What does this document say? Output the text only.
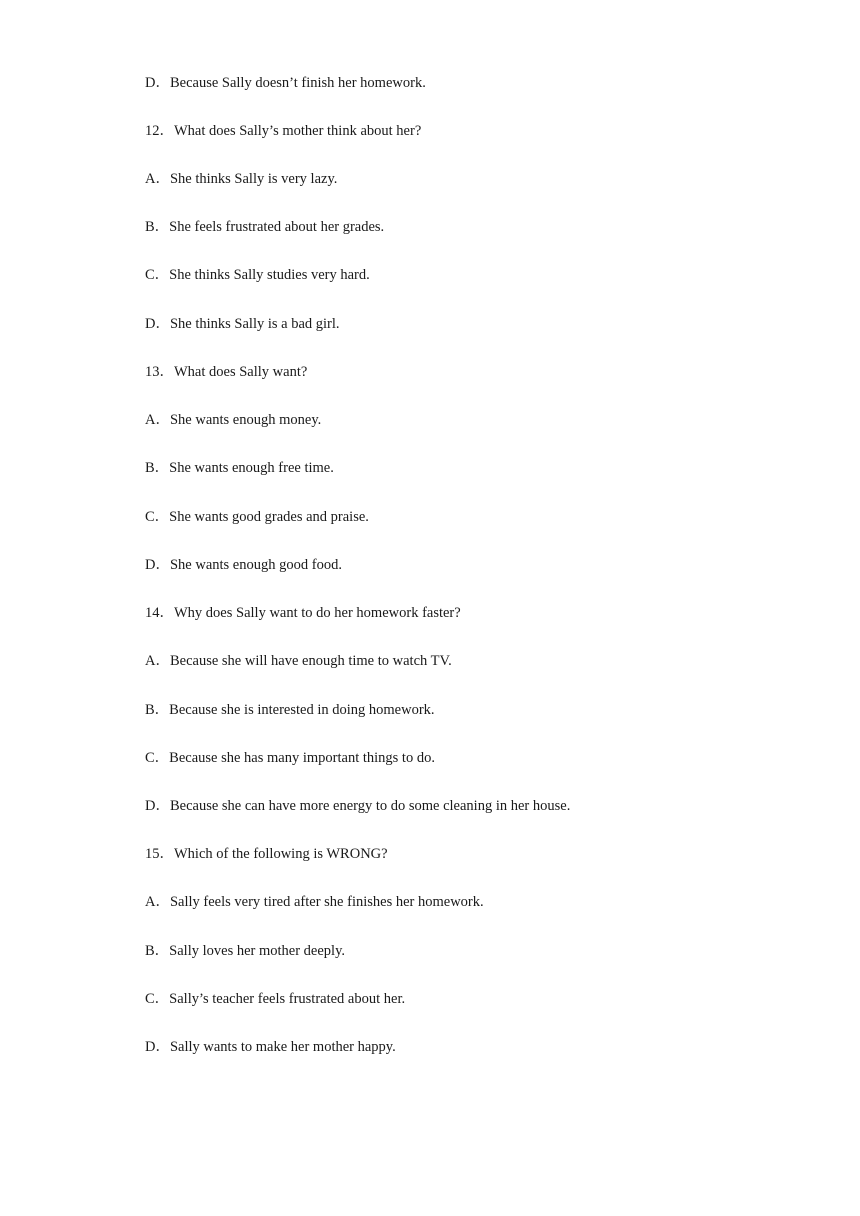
D．Because Sally doesn’t finish her homework.
12．What does Sally’s mother think about her?
A．She thinks Sally is very lazy.
B．She feels frustrated about her grades.
C．She thinks Sally studies very hard.
D．She thinks Sally is a bad girl.
13．What does Sally want?
A．She wants enough money.
B．She wants enough free time.
C．She wants good grades and praise.
D．She wants enough good food.
14．Why does Sally want to do her homework faster?
A．Because she will have enough time to watch TV.
B．Because she is interested in doing homework.
C．Because she has many important things to do.
D．Because she can have more energy to do some cleaning in her house.
15．Which of the following is WRONG?
A．Sally feels very tired after she finishes her homework.
B．Sally loves her mother deeply.
C．Sally’s teacher feels frustrated about her.
D．Sally wants to make her mother happy.
